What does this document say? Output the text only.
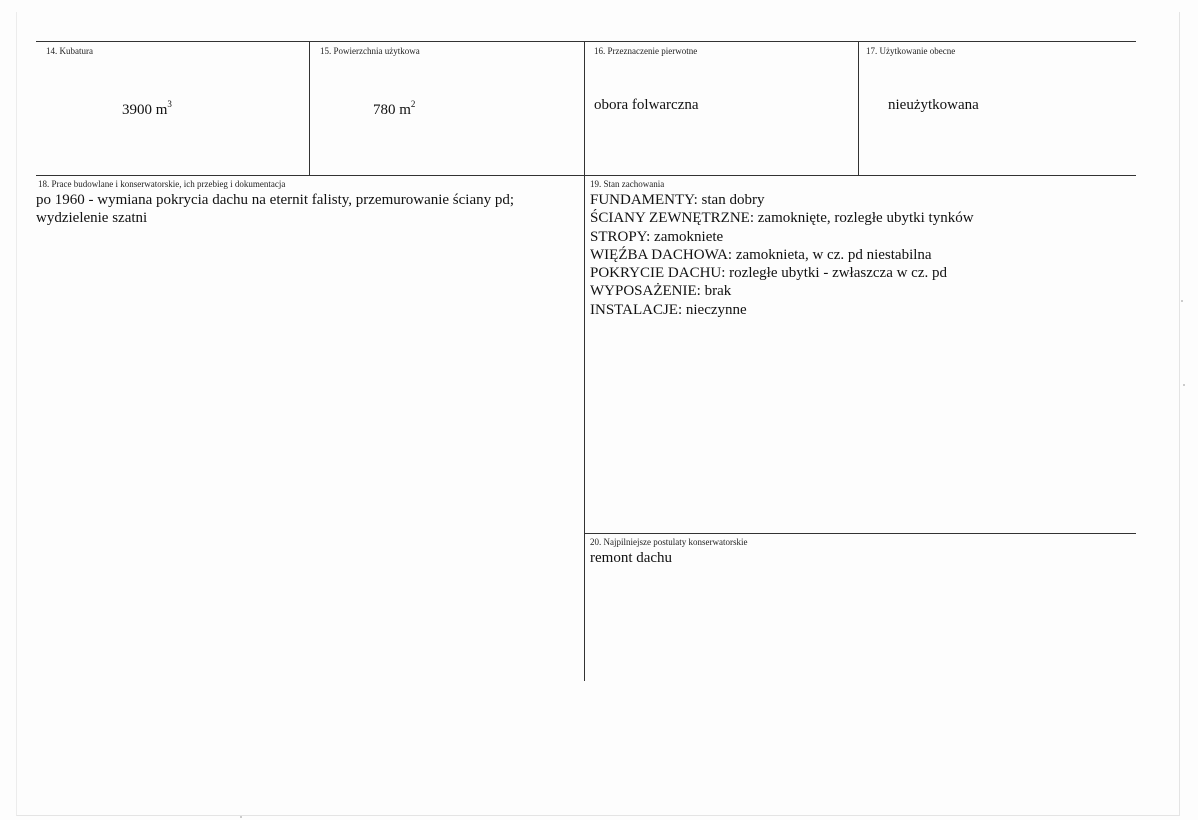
14. Kubatura
3900 $m^3$
15. Powierzchnia użytkowa
780 $m^2$
16. Przeznaczenie pierwotne
obora folwarczna
17. Użytkowanie obecne
nieużytkowana
18. Prace budowlane i konserwatorskie, ich przebieg i dokumentacja
po 1960 - wymiana pokrycia dachu na eternit falisty, przemurowanie ściany pd;
wydzielenie szatni
19. Stan zachowania
FUNDAMENTY: stan dobry
ŚCIANY ZEWNĘTRZNE: zamoknięte, rozległe ubytki tynków
STROPY: zamokniete
WIĘŹBA DACHOWA: zamoknieta, w cz. pd niestabilna
POKRYCIE DACHU: rozległe ubytki - zwłaszcza w cz. pd
WYPOSAŻENIE: brak
INSTALACJE: nieczynne
20. Najpilniejsze postulaty konserwatorskie
remont dachu
